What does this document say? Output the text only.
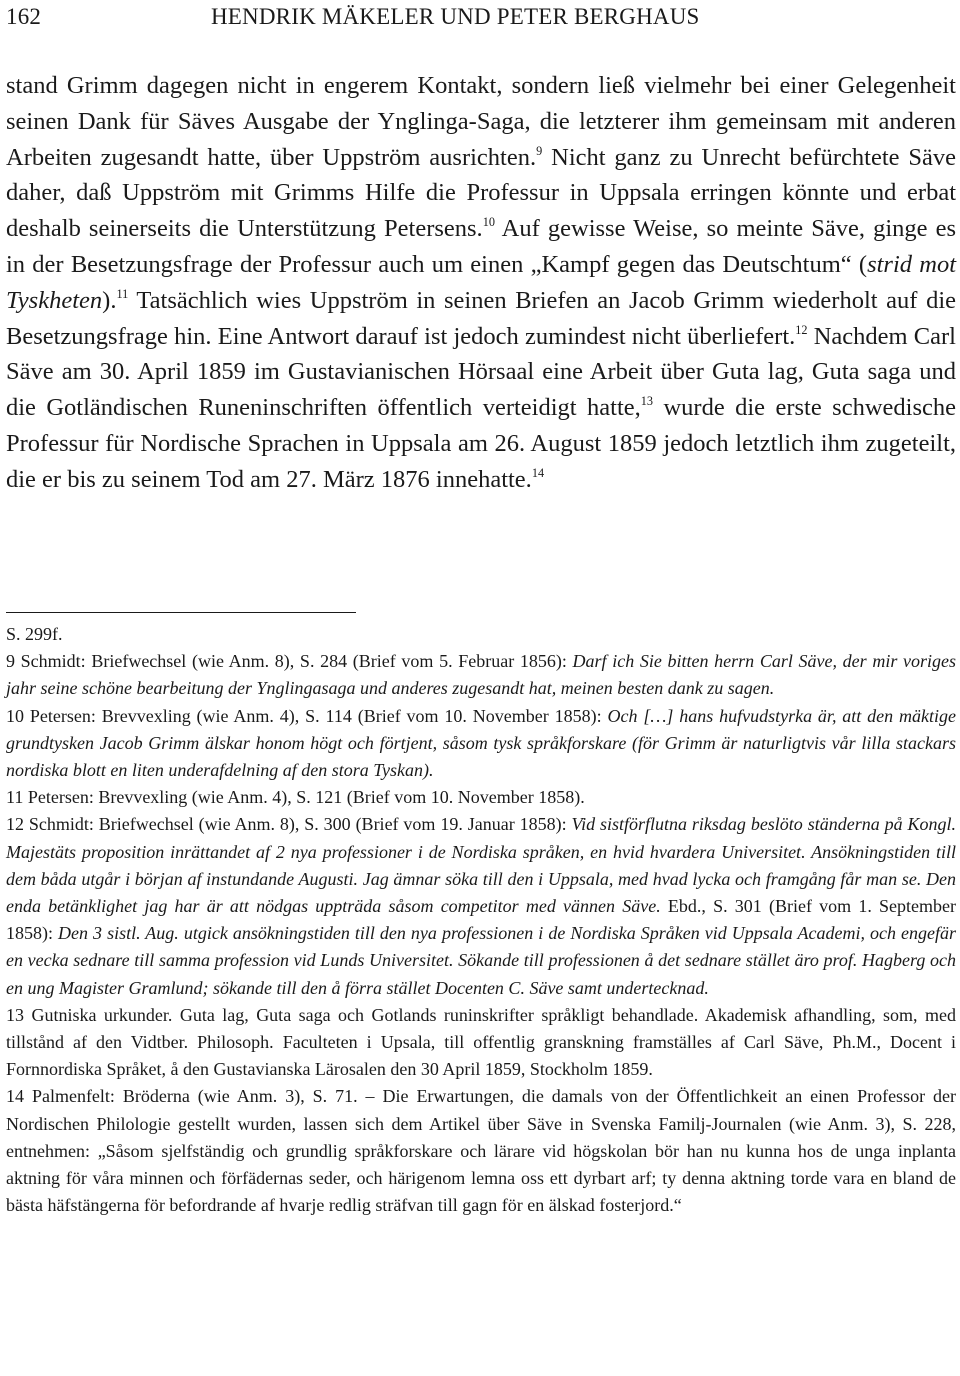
162	HENDRIK MÄKELER UND PETER BERGHAUS

stand Grimm dagegen nicht in engerem Kontakt, sondern ließ vielmehr bei einer Gelegenheit seinen Dank für Säves Ausgabe der Ynglinga-Saga, die letzterer ihm gemeinsam mit anderen Arbeiten zugesandt hatte, über Uppström ausrichten.$^9$ Nicht ganz zu Unrecht befürchtete Säve daher, daß Uppström mit Grimms Hilfe die Professur in Uppsala erringen könnte und erbat deshalb seinerseits die Unterstützung Petersens.$^{10}$ Auf gewisse Weise, so meinte Säve, ginge es in der Besetzungsfrage der Professur auch um einen „Kampf gegen das Deutschtum“ (strid mot Tyskheten).$^{11}$ Tatsächlich wies Uppström in seinen Briefen an Jacob Grimm wiederholt auf die Besetzungsfrage hin. Eine Antwort darauf ist jedoch zumindest nicht überliefert.$^{12}$ Nachdem Carl Säve am 30. April 1859 im Gustavianischen Hörsaal eine Arbeit über Guta lag, Guta saga und die Gotländischen Runeninschriften öffentlich verteidigt hatte,$^{13}$ wurde die erste schwedische Professur für Nordische Sprachen in Uppsala am 26. August 1859 jedoch letztlich ihm zugeteilt, die er bis zu seinem Tod am 27. März 1876 innehatte.$^{14}$

S. 299f.

9 Schmidt: Briefwechsel (wie Anm. 8), S. 284 (Brief vom 5. Februar 1856): Darf ich Sie bitten herrn Carl Säve, der mir voriges jahr seine schöne bearbeitung der Ynglingasaga und anderes zugesandt hat, meinen besten dank zu sagen.

10 Petersen: Brevvexling (wie Anm. 4), S. 114 (Brief vom 10. November 1858): Och […] hans hufvudstyrka är, att den mäktige grundtysken Jacob Grimm älskar honom högt och förtjent, såsom tysk språkforskare (för Grimm är naturligtvis vår lilla stackars nordiska blott en liten underafdelning af den stora Tyskan).

11 Petersen: Brevvexling (wie Anm. 4), S. 121 (Brief vom 10. November 1858).

12 Schmidt: Briefwechsel (wie Anm. 8), S. 300 (Brief vom 19. Januar 1858): Vid sistförflutna riksdag beslöto ständerna på Kongl. Majestäts proposition inrättandet af 2 nya professioner i de Nordiska språken, en hvid hvardera Universitet. Ansökningstiden till dem båda utgår i början af instundande Augusti. Jag ämnar söka till den i Uppsala, med hvad lycka och framgång får man se. Den enda betänklighet jag har är att nödgas uppträda såsom competitor med vännen Säve. Ebd., S. 301 (Brief vom 1. September 1858): Den 3 sistl. Aug. utgick ansökningstiden till den nya professionen i de Nordiska Språken vid Uppsala Academi, och engefär en vecka sednare till samma profession vid Lunds Universitet. Sökande till professionen å det sednare stället äro prof. Hagberg och en ung Magister Gramlund; sökande till den å förra stället Docenten C. Säve samt undertecknad.

13 Gutniska urkunder. Guta lag, Guta saga och Gotlands runinskrifter språkligt behandlade. Akademisk afhandling, som, med tillstånd af den Vidtber. Philosoph. Faculteten i Upsala, till offentlig granskning framställes af Carl Säve, Ph.M., Docent i Fornnordiska Språket, å den Gustavianska Lärosalen den 30 April 1859, Stockholm 1859.

14 Palmenfelt: Bröderna (wie Anm. 3), S. 71. – Die Erwartungen, die damals von der Öffentlichkeit an einen Professor der Nordischen Philologie gestellt wurden, lassen sich dem Artikel über Säve in Svenska Familj-Journalen (wie Anm. 3), S. 228, entnehmen: „Såsom sjelfständig och grundlig språkforskare och lärare vid högskolan bör han nu kunna hos de unga inplanta aktning för våra minnen och förfädernas seder, och härigenom lemna oss ett dyrbart arf; ty denna aktning torde vara en bland de bästa häfstängerna för befordrande af hvarje redlig sträfvan till gagn för en älskad fosterjord.“
